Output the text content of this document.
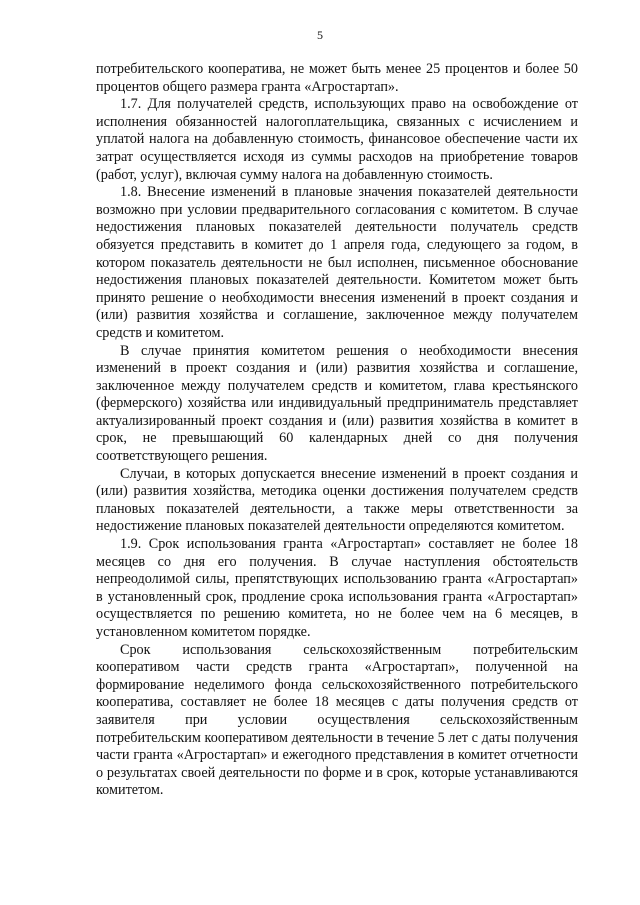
5

потребительского кооператива, не может быть менее 25 процентов и более 50 процентов общего размера гранта «Агростартап».

1.7. Для получателей средств, использующих право на освобождение от исполнения обязанностей налогоплательщика, связанных с исчислением и уплатой налога на добавленную стоимость, финансовое обеспечение части их затрат осуществляется исходя из суммы расходов на приобретение товаров (работ, услуг), включая сумму налога на добавленную стоимость.

1.8. Внесение изменений в плановые значения показателей деятельности возможно при условии предварительного согласования с комитетом. В случае недостижения плановых показателей деятельности получатель средств обязуется представить в комитет до 1 апреля года, следующего за годом, в котором показатель деятельности не был исполнен, письменное обоснование недостижения плановых показателей деятельности. Комитетом может быть принято решение о необходимости внесения изменений в проект создания и (или) развития хозяйства и соглашение, заключенное между получателем средств и комитетом.

В случае принятия комитетом решения о необходимости внесения изменений в проект создания и (или) развития хозяйства и соглашение, заключенное между получателем средств и комитетом, глава крестьянского (фермерского) хозяйства или индивидуальный предприниматель представляет актуализированный проект создания и (или) развития хозяйства в комитет в срок, не превышающий 60 календарных дней со дня получения соответствующего решения.

Случаи, в которых допускается внесение изменений в проект создания и (или) развития хозяйства, методика оценки достижения получателем средств плановых показателей деятельности, а также меры ответственности за недостижение плановых показателей деятельности определяются комитетом.

1.9. Срок использования гранта «Агростартап» составляет не более 18 месяцев со дня его получения. В случае наступления обстоятельств непреодолимой силы, препятствующих использованию гранта «Агростартап» в установленный срок, продление срока использования гранта «Агростартап» осуществляется по решению комитета, но не более чем на 6 месяцев, в установленном комитетом порядке.

Срок использования сельскохозяйственным потребительским кооперативом части средств гранта «Агростартап», полученной на формирование неделимого фонда сельскохозяйственного потребительского кооператива, составляет не более 18 месяцев с даты получения средств от заявителя при условии осуществления сельскохозяйственным потребительским кооперативом деятельности в течение 5 лет с даты получения части гранта «Агростартап» и ежегодного представления в комитет отчетности о результатах своей деятельности по форме и в срок, которые устанавливаются комитетом.
